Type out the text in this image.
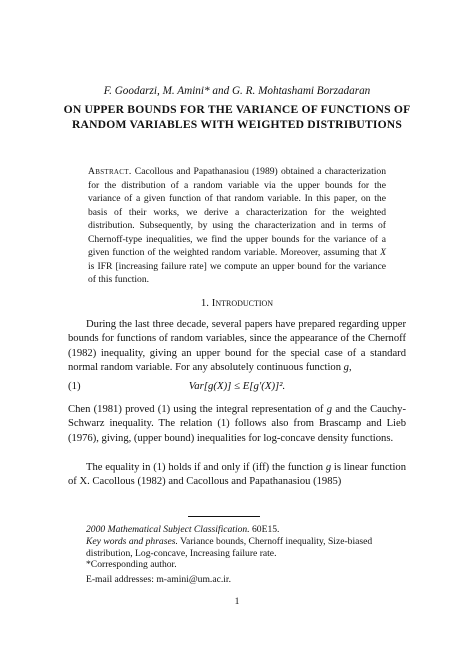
F. Goodarzi, M. Amini* and G. R. Mohtashami Borzadaran
ON UPPER BOUNDS FOR THE VARIANCE OF FUNCTIONS OF RANDOM VARIABLES WITH WEIGHTED DISTRIBUTIONS
Abstract. Cacollous and Papathanasiou (1989) obtained a characterization for the distribution of a random variable via the upper bounds for the variance of a given function of that random variable. In this paper, on the basis of their works, we derive a characterization for the weighted distribution. Subsequently, by using the characterization and in terms of Chernoff-type inequalities, we find the upper bounds for the variance of a given function of the weighted random variable. Moreover, assuming that X is IFR [increasing failure rate] we compute an upper bound for the variance of this function.
1. Introduction
During the last three decade, several papers have prepared regarding upper bounds for functions of random variables, since the appearance of the Chernoff (1982) inequality, giving an upper bound for the special case of a standard normal random variable. For any absolutely continuous function g,
(1)	Var[g(X)] ≤ E[g′(X)]².
Chen (1981) proved (1) using the integral representation of g and the Cauchy-Schwarz inequality. The relation (1) follows also from Brascamp and Lieb (1976), giving, (upper bound) inequalities for log-concave density functions.
The equality in (1) holds if and only if (iff) the function g is linear function of X. Cacollous (1982) and Cacollous and Papathanasiou (1985)
2000 Mathematical Subject Classification. 60E15.
Key words and phrases. Variance bounds, Chernoff inequality, Size-biased distribution, Log-concave, Increasing failure rate.
*Corresponding author.
E-mail addresses: m-amini@um.ac.ir.
1
